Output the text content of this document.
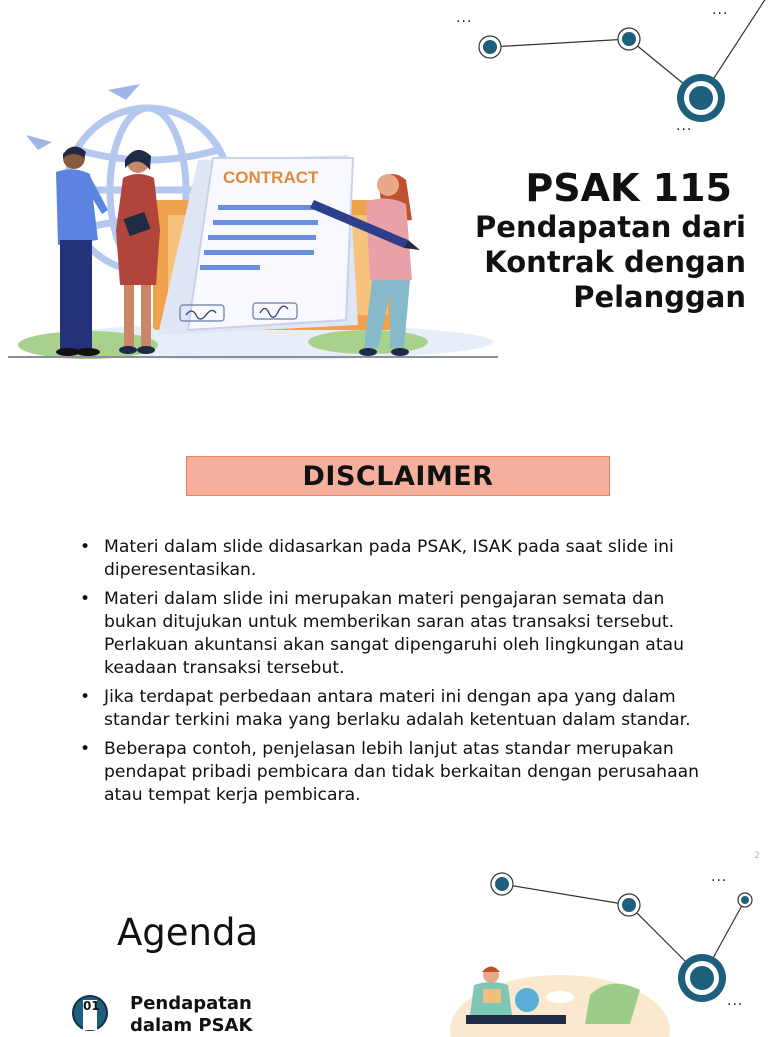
...	...
...
CONTRACT	PSAK 115
Pendapatan dari
Kontrak dengan
Pelanggan
DISCLAIMER
• Materi dalam slide didasarkan pada PSAK, ISAK pada saat slide ini diperesentasikan.
• Materi dalam slide ini merupakan materi pengajaran semata dan bukan ditujukan untuk memberikan saran atas transaksi tersebut. Perlakuan akuntansi akan sangat dipengaruhi oleh lingkungan atau keadaan transaksi tersebut.
• Jika terdapat perbedaan antara materi ini dengan apa yang dalam standar terkini maka yang berlaku adalah ketentuan dalam standar.
• Beberapa contoh, penjelasan lebih lanjut atas standar merupakan pendapat pribadi pembicara dan tidak berkaitan dengan perusahaan atau tempat kerja pembicara.
2
...
...
Agenda
01 Pendapatan dalam PSAK
